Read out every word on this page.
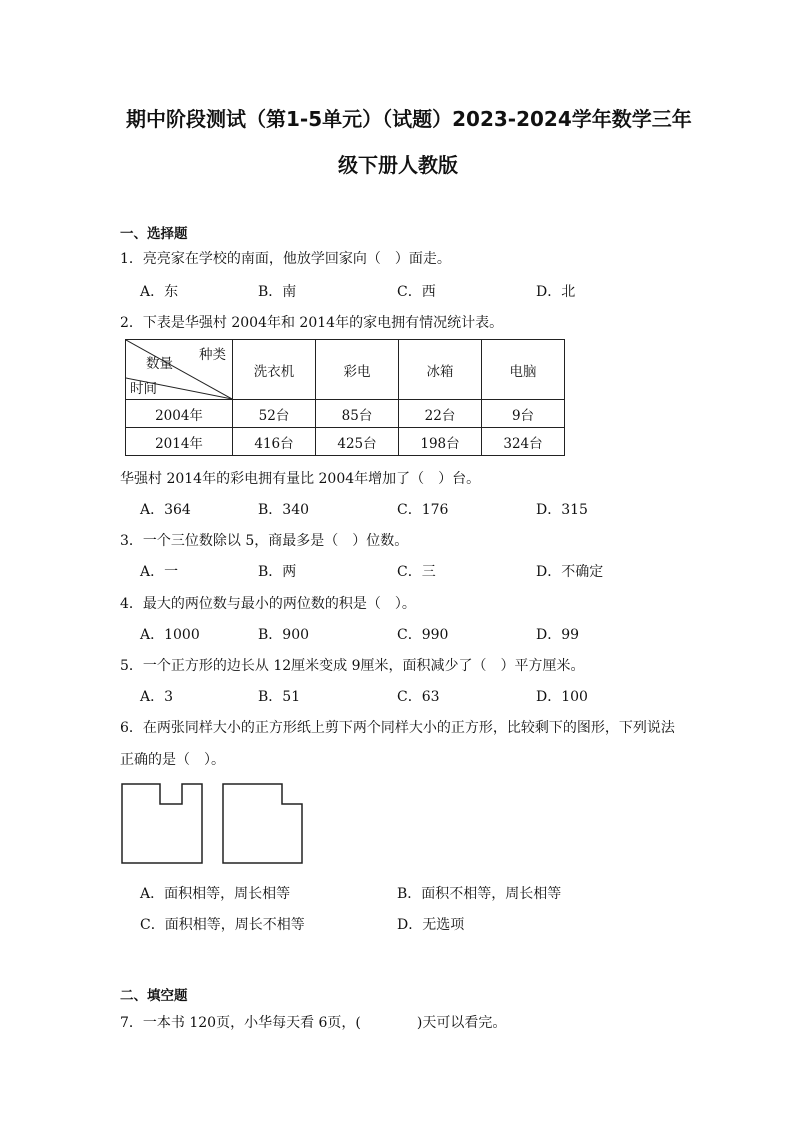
期中阶段测试（第1-5单元）（试题）2023-2024学年数学三年
级下册人教版
一、选择题
1．亮亮家在学校的南面，他放学回家向（　）面走。
A．东	B．南	C．西	D．北
2．下表是华强村 2004年和 2014年的家电拥有情况统计表。
种类
数量
时间	洗衣机	彩电	冰箱	电脑
2004年	52台	85台	22台	9台
2014年	416台	425台	198台	324台
华强村 2014年的彩电拥有量比 2004年增加了（　）台。
A．364	B．340	C．176	D．315
3．一个三位数除以 5，商最多是（　）位数。
A．一	B．两	C．三	D．不确定
4．最大的两位数与最小的两位数的积是（　）。
A．1000	B．900	C．990	D．99
5．一个正方形的边长从 12厘米变成 9厘米，面积减少了（　）平方厘米。
A．3	B．51	C．63	D．100
6．在两张同样大小的正方形纸上剪下两个同样大小的正方形，比较剩下的图形，下列说法
正确的是（　）。
A．面积相等，周长相等	B．面积不相等，周长相等
C．面积相等，周长不相等	D．无选项
二、填空题
7．一本书 120页，小华每天看 6页，(　　　　)天可以看完。
